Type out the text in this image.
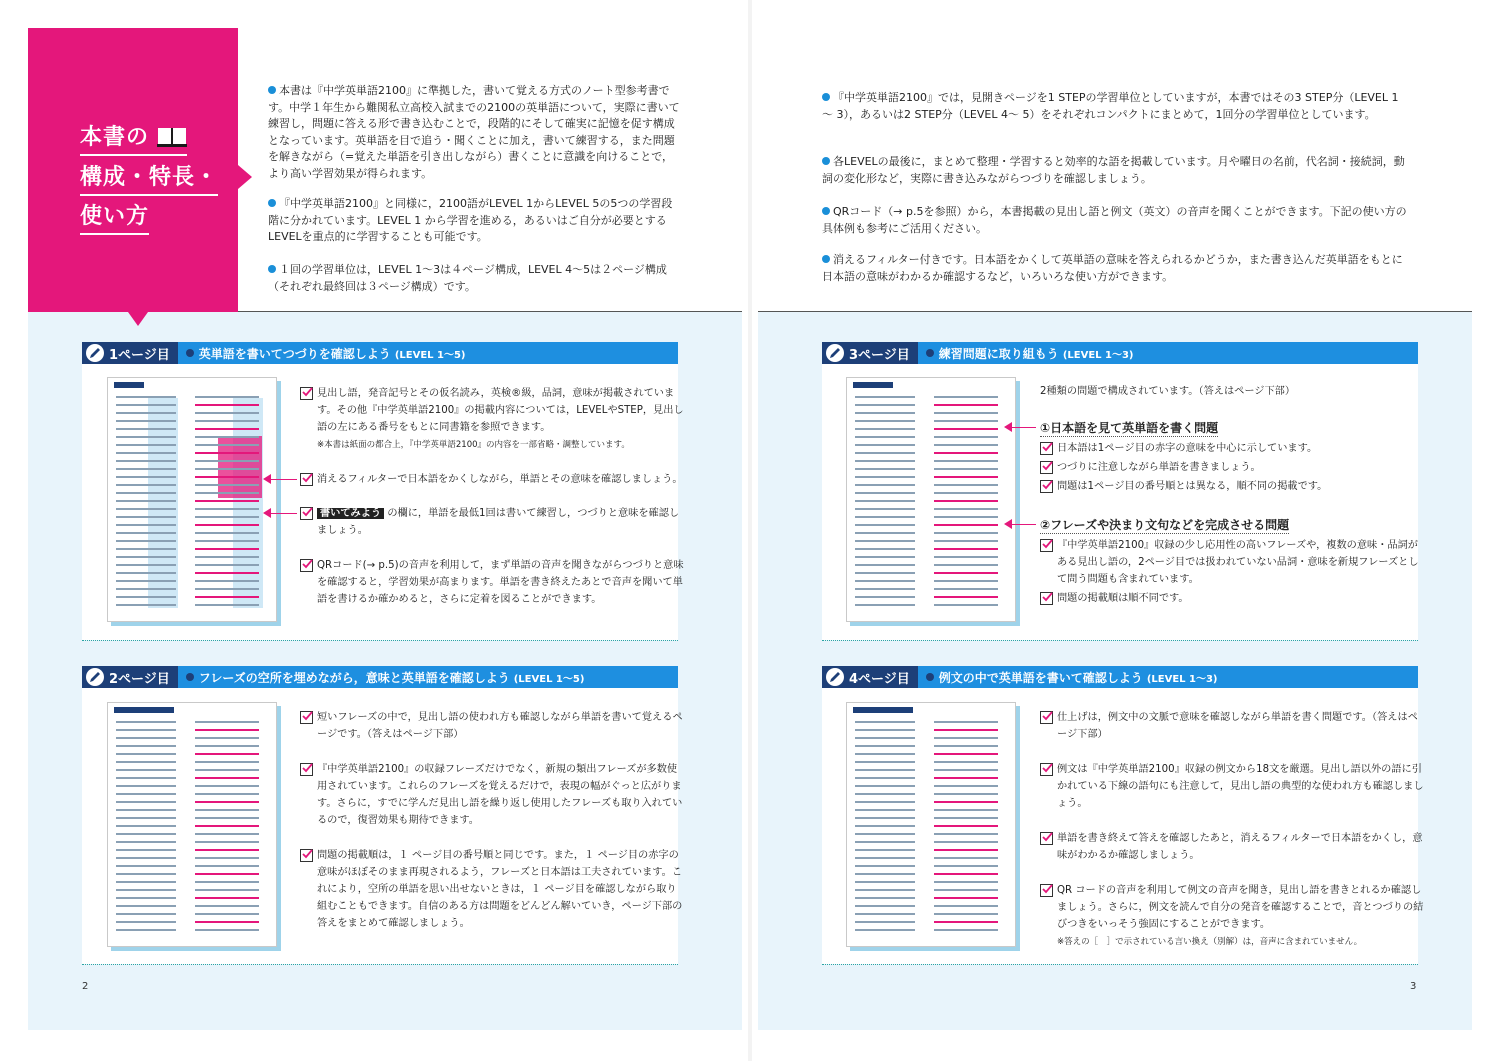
本書の
構成・特長・
使い方
本書は『中学英単語2100』に準拠した，書いて覚える方式のノート型参考書です。中学１年生から難関私立高校入試までの2100の英単語について，実際に書いて練習し，問題に答える形で書き込むことで，段階的にそして確実に記憶を促す構成となっています。英単語を目で追う・聞くことに加え，書いて練習する，また問題を解きながら（=覚えた単語を引き出しながら）書くことに意識を向けることで，より高い学習効果が得られます。
『中学英単語2100』と同様に，2100語がLEVEL 1からLEVEL 5の5つの学習段階に分かれています。LEVEL 1 から学習を進める，あるいはご自分が必要とするLEVELを重点的に学習することも可能です。
１回の学習単位は，LEVEL 1～3は４ページ構成，LEVEL 4～5は２ページ構成（それぞれ最終回は３ページ構成）です。
1ページ目 英単語を書いてつづりを確認しよう (LEVEL 1～5)
見出し語，発音記号とその仮名読み，英検®級，品詞，意味が掲載されています。その他『中学英単語2100』の掲載内容については，LEVELやSTEP，見出し語の左にある番号をもとに同書籍を参照できます。
※本書は紙面の都合上，『中学英単語2100』の内容を一部省略・調整しています。
消えるフィルターで日本語をかくしながら，単語とその意味を確認しましょう。
書いてみよう の欄に，単語を最低1回は書いて練習し，つづりと意味を確認しましょう。
QRコード(→ p.5)の音声を利用して，まず単語の音声を聞きながらつづりと意味を確認すると，学習効果が高まります。単語を書き終えたあとで音声を聞いて単語を書けるか確かめると，さらに定着を図ることができます。
2ページ目 フレーズの空所を埋めながら，意味と英単語を確認しよう (LEVEL 1～5)
短いフレーズの中で，見出し語の使われ方も確認しながら単語を書いて覚えるページです。（答えはページ下部）
『中学英単語2100』の収録フレーズだけでなく，新規の類出フレーズが多数使用されています。これらのフレーズを覚えるだけで，表現の幅がぐっと広がります。さらに，すでに学んだ見出し語を繰り返し使用したフレーズも取り入れているので，復習効果も期待できます。
問題の掲載順は，１ ページ目の番号順と同じです。また，１ ページ目の赤字の意味がほぼそのまま再現されるよう，フレーズと日本語は工夫されています。これにより，空所の単語を思い出せないときは，１ ページ目を確認しながら取り組むこともできます。自信のある方は問題をどんどん解いていき，ページ下部の答えをまとめて確認しましょう。
2
『中学英単語2100』では，見開きページを1 STEPの学習単位としていますが，本書ではその3 STEP分（LEVEL 1～ 3），あるいは2 STEP分（LEVEL 4～ 5）をそれぞれコンパクトにまとめて，1回分の学習単位としています。
各LEVELの最後に，まとめて整理・学習すると効率的な語を掲載しています。月や曜日の名前，代名詞・接続詞，動詞の変化形など，実際に書き込みながらつづりを確認しましょう。
QRコード（→ p.5を参照）から，本書掲載の見出し語と例文（英文）の音声を聞くことができます。下記の使い方の具体例も参考にご活用ください。
消えるフィルター付きです。日本語をかくして英単語の意味を答えられるかどうか，また書き込んだ英単語をもとに日本語の意味がわかるか確認するなど，いろいろな使い方ができます。
3ページ目 練習問題に取り組もう (LEVEL 1～3)
2種類の問題で構成されています。（答えはページ下部）
①日本語を見て英単語を書く問題
日本語は1ページ目の赤字の意味を中心に示しています。
つづりに注意しながら単語を書きましょう。
問題は1ページ目の番号順とは異なる，順不同の掲載です。
②フレーズや決まり文句などを完成させる問題
『中学英単語2100』収録の少し応用性の高いフレーズや，複数の意味・品詞がある見出し語の，2ページ目では扱われていない品詞・意味を新規フレーズとして問う問題も含まれています。
問題の掲載順は順不同です。
4ページ目 例文の中で英単語を書いて確認しよう (LEVEL 1～3)
仕上げは，例文中の文脈で意味を確認しながら単語を書く問題です。（答えはページ下部）
例文は『中学英単語2100』収録の例文から18文を厳選。見出し語以外の語に引かれている下線の語句にも注意して，見出し語の典型的な使われ方も確認しましょう。
単語を書き終えて答えを確認したあと，消えるフィルターで日本語をかくし，意味がわかるか確認しましょう。
QR コードの音声を利用して例文の音声を聞き，見出し語を書きとれるか確認しましょう。さらに，例文を読んで自分の発音を確認することで，音とつづりの結びつきをいっそう強固にすることができます。
※答えの［　］で示されている言い換え（別解）は，音声に含まれていません。
3
